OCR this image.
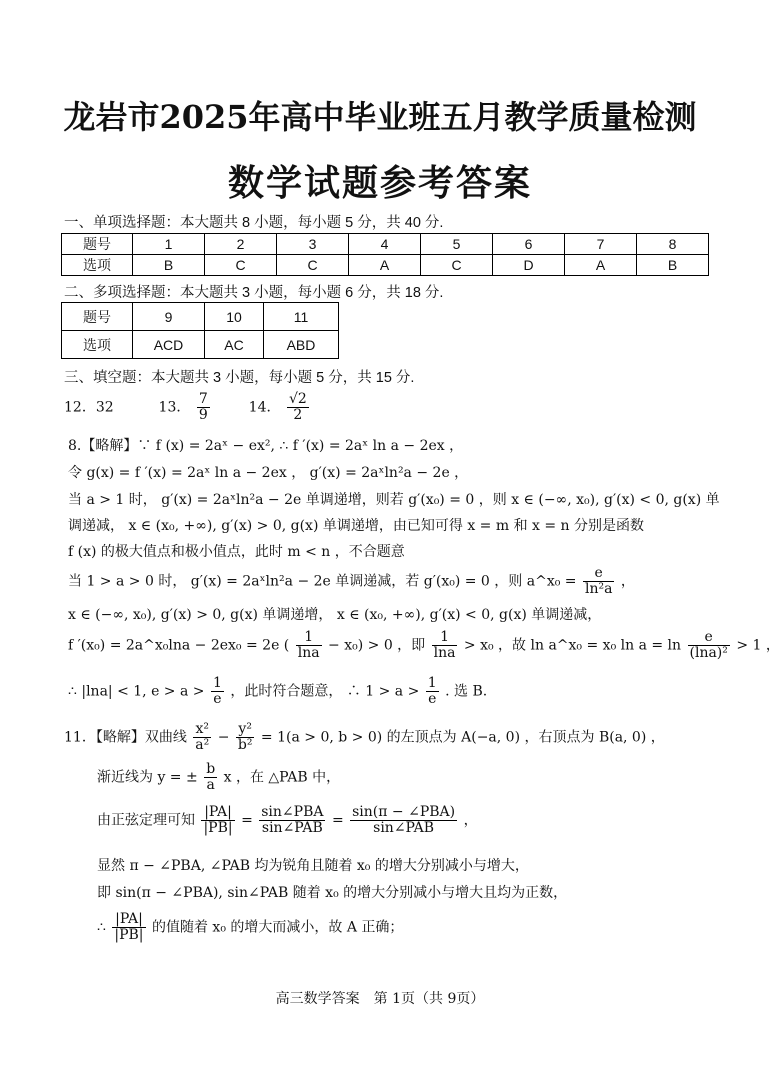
龙岩市2025年高中毕业班五月教学质量检测
数学试题参考答案
一、单项选择题：本大题共 8 小题，每小题 5 分，共 40 分.
题号	1	2	3	4	5	6	7	8
选项	B	C	C	A	C	D	A	B
二、多项选择题：本大题共 3 小题，每小题 6 分，共 18 分.
题号	9	10	11
选项	ACD	AC	ABD
三、填空题：本大题共 3 小题，每小题 5 分，共 15 分.
12．32	13． $\frac{7}{9}$	14． $\frac{√2}{2}$
8.【略解】∵ f (x) = 2aˣ − ex², ∴ f ′(x) = 2aˣ ln a − 2ex ，
令 g(x) = f ′(x) = 2aˣ ln a − 2ex ， g′(x) = 2aˣln²a − 2e ，
当 a > 1 时， g′(x) = 2aˣln²a − 2e 单调递增，则若 g′(x₀) = 0 ，则 x ∈ (−∞, x₀), g′(x) < 0, g(x) 单
调递减， x ∈ (x₀, +∞), g′(x) > 0, g(x) 单调递增，由已知可得 x = m 和 x = n 分别是函数
f (x) 的极大值点和极小值点，此时 m < n ，不合题意
当 1 > a > 0 时， g′(x) = 2aˣln²a − 2e 单调递减，若 g′(x₀) = 0 ，则 a^x₀ = $\frac{e}{\text{ln²a}}$ ，
x ∈ (−∞, x₀), g′(x) > 0, g(x) 单调递增， x ∈ (x₀, +∞), g′(x) < 0, g(x) 单调递减，
f ′(x₀) = 2a^x₀lna − 2ex₀ = 2e ( $\frac{1}{\ln a} - x_0) > 0$ ，即 $\frac{1}{\ln a} > x_0$ ，故 ln a^x₀ = x₀ $\ln a = \ln \frac{e}{\text{(lna)²}} > 1$ ，
∴ |lna| < 1, $e > a > \frac{1}{e}$ ，此时符合题意， ∴ $1 > a > \frac{1}{e}$ . 选 B.
11．【略解】双曲线 $\frac{\text{x²}}{\text{a²}} - \frac{\text{y²}}{\text{b²}} = 1(a > 0$, b > 0) 的左顶点为 A(−a, 0) ，右顶点为 B(a, 0) ，
渐近线为 y = ± $\frac{b}{a}$ x ，在 △PAB 中，
由正弦定理可知 $\frac{|PA|}{|PB|} = \frac{\text{sin∠PBA}}{\text{sin∠PAB}} = \frac{\text{sin(π − ∠PBA)}}{\text{sin∠PAB}}$ ，
显然 π − ∠PBA, ∠PAB 均为锐角且随着 x₀ 的增大分别减小与增大，
即 sin(π − ∠PBA), sin∠PAB 随着 x₀ 的增大分别减小与增大且均为正数，
∴ $\frac{|PA|}{|PB|}$ 的值随着 x₀ 的增大而减小，故 A 正确；
高三数学答案　第 1页（共 9页）
